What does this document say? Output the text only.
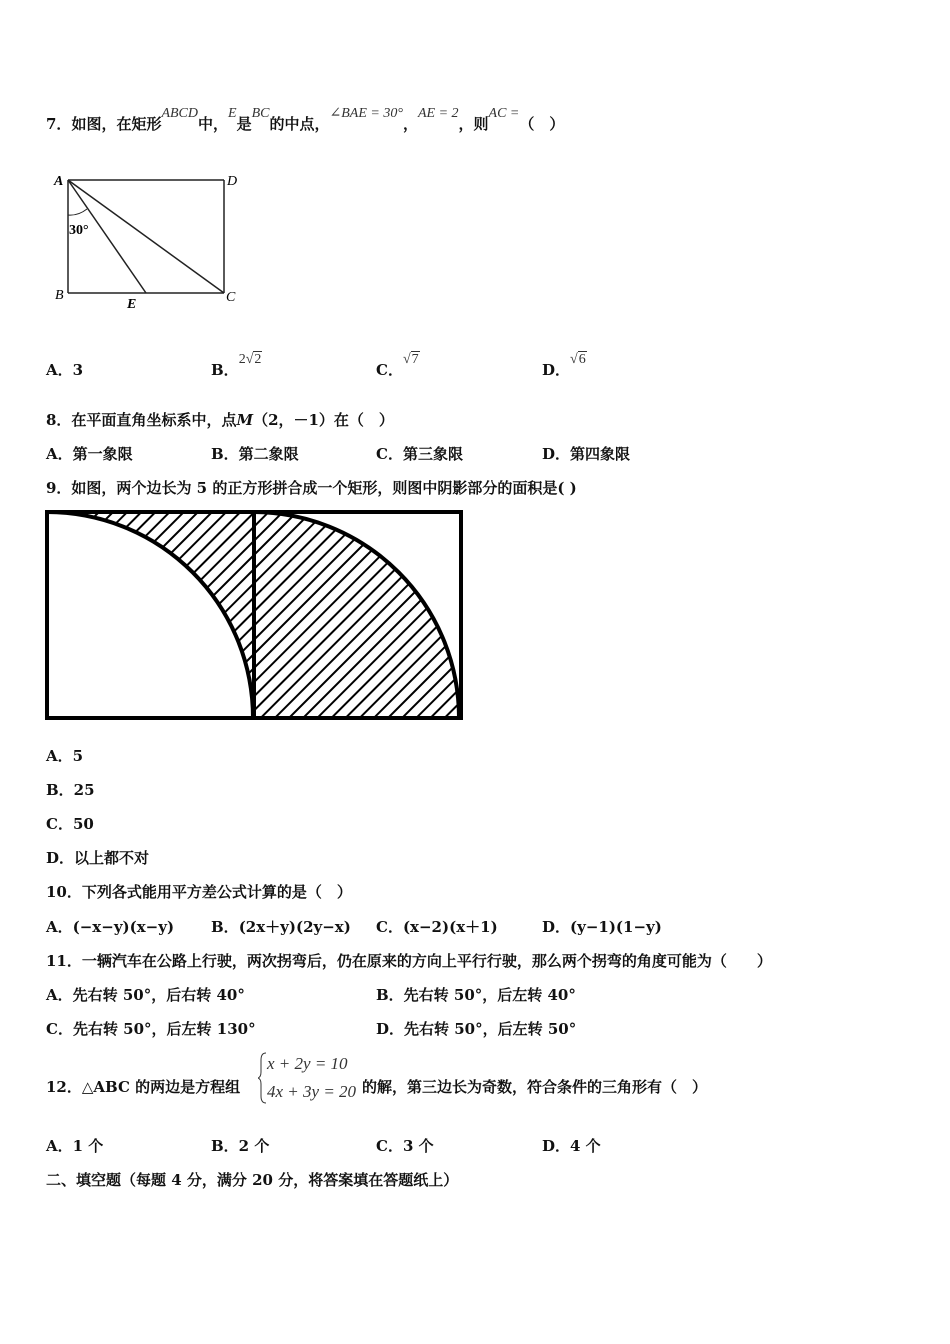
7．如图，在矩形ABCD中，E是BC的中点，∠BAE = 30°，AE = 2，则AC =（　）
A	D
B	C
E
30°
A．3	B．2√2
C．√7
D．√6
8．在平面直角坐标系中，点M（2，－1）在（　）
A．第一象限	B．第二象限	C．第三象限	D．第四象限
9．如图，两个边长为 5 的正方形拼合成一个矩形，则图中阴影部分的面积是( )
A．5
B．25
C．50
D．以上都不对
10．下列各式能用平方差公式计算的是（　）
A．(−x−y)(x−y) B．(2x＋y)(2y−x) C．(x−2)(x＋1)	D．(y−1)(1−y)
11．一辆汽车在公路上行驶，两次拐弯后，仍在原来的方向上平行行驶，那么两个拐弯的角度可能为（　　）
A．先右转 50°，后右转 40°	B．先右转 50°，后左转 40°
C．先右转 50°，后左转 130°	D．先右转 50°，后左转 50°
12．△ABC 的两边是方程组
x + 2y = 10
4x + 3y = 20 的解，第三边长为奇数，符合条件的三角形有（　）
A．1 个	B．2 个	C．3 个	D．4 个
二、填空题（每题 4 分，满分 20 分，将答案填在答题纸上）
